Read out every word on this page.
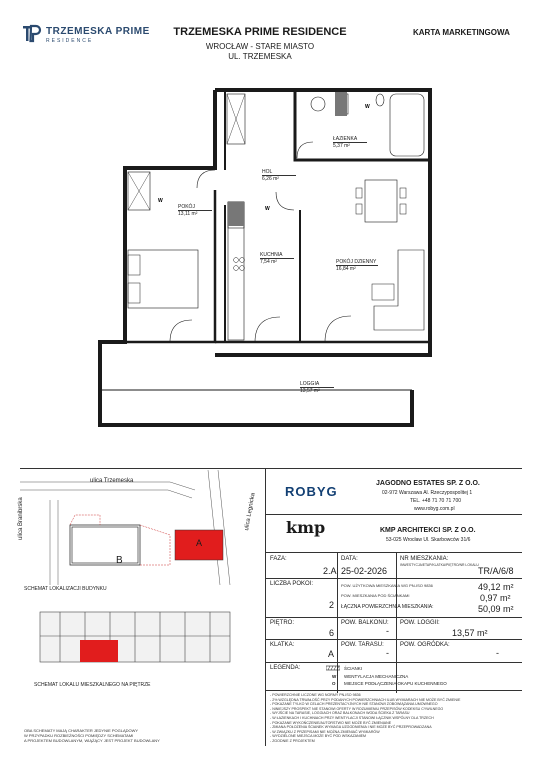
TRZEMESKA PRIME
RESIDENCE
TRZEMESKA PRIME RESIDENCE
WROCŁAW - STARE MIASTO
UL. TRZEMESKA
KARTA MARKETINGOWA
W
W
W
ŁAZIENKA
5,37 m²
HOL
6,26 m²
POKÓJ
13,11 m²
KUCHNIA
7,54 m²	POKÓJ DZIENNY
16,84 m²
LOGGIA
13,57 m²
ulica Trzemeska
ulica Branibrska	ulica Legnicka
B
A
SCHEMAT LOKALIZACJI BUDYNKU
SCHEMAT LOKALU MIESZKALNEGO NA PIĘTRZE
OBA SCHEMATY MAJĄ CHARAKTER JEDYNIE POGLĄDOWY
W PRZYPADKU ROZBIEŻNOŚCI POMIĘDZY SCHEMATAMI
A PROJEKTEM BUDOWLANYM, WIĄŻĄCY JEST PROJEKT BUDOWLANY
ROBYG
JAGODNO ESTATES SP. Z O.O.
02-972 Warszawa Al. Rzeczypospolitej 1
TEL. +48 71 70 71 700
www.robyg.com.pl
kmp	KMP ARCHITEKCI SP. Z O.O.
53-025 Wrocław Ul. Skarbowców 31/6
FAZA:
2.A
DATA:
25-02-2026
NR MIESZKANIA:
INWESTYCJA/ETAP/KLATKA/PIĘTRO/NR LOKALU
TR/A/6/8
LICZBA POKOI:
2
POW. UŻYTKOWA MIESZKANIA WG PN-ISO 9836	49,12 m²
POW. MIESZKANIA POD ŚCIANKAMI	0,97 m²
ŁĄCZNA POWIERZCHNIA MIESZKANIA:	50,09 m²
PIĘTRO:
6
POW. BALKONU:
-
POW. LOGGII:
13,57 m²
KLATKA:
A
POW. TARASU:
-
POW. OGRÓDKA:
-
LEGENDA:	ŚCIANKI
W WENTYLACJA MECHANICZNA
O MIEJSCE PODŁĄCZENIA OKAPU KUCHENNEGO
- POWIERZCHNIE LICZONE WG NORMY PN-ISO 9836
- 2% WZGLĘDNA TRWAŁOŚĆ PRZY PODANYCH POWIERZCHNIACH ILUB WYMIARACH NIE MOŻE BYĆ ZMIENIE
- POKAZANE TYLKO W CELACH PREZENTACYJNYCH NIE STANOWI ZOBOWIĄZANIA UMOWNEGO
- NINIEJSZY PROSPEKT NIE STANOWI OFERTY W ROZUMIENIU PRZEPISÓW KODEKSU CYWILNEGO
- WYJŚCIE NA TARASIE, LOGGIACH ORAZ BALKONACH WODA ŚCIEKA Z TARASU
- W ŁAZIENKACH I KUCHNIACH PRZY WENTYLACJI STANOWI ŁĄCZNIK WSPÓLNY DLA TRZECH
- POKAZANE WYKOŃCZENIE/AUTORSTWO NIE MOŻE BYĆ ZMIENIANE
- ZMIANA POŁOŻENIA ŚCIANEK WYMAGA UZGODNIENIA I NIE MOŻE BYĆ PRZEPROWADZANA
- W ZWIĄZKU Z PRZEPISAMI NIE MOŻNA ZMIENIAĆ WYMIARÓW
- WYDZIELONE MIEJSCA MOŻE BYĆ POD WSKAZANIEM
- ZGODNIE Z PROJEKTEM
